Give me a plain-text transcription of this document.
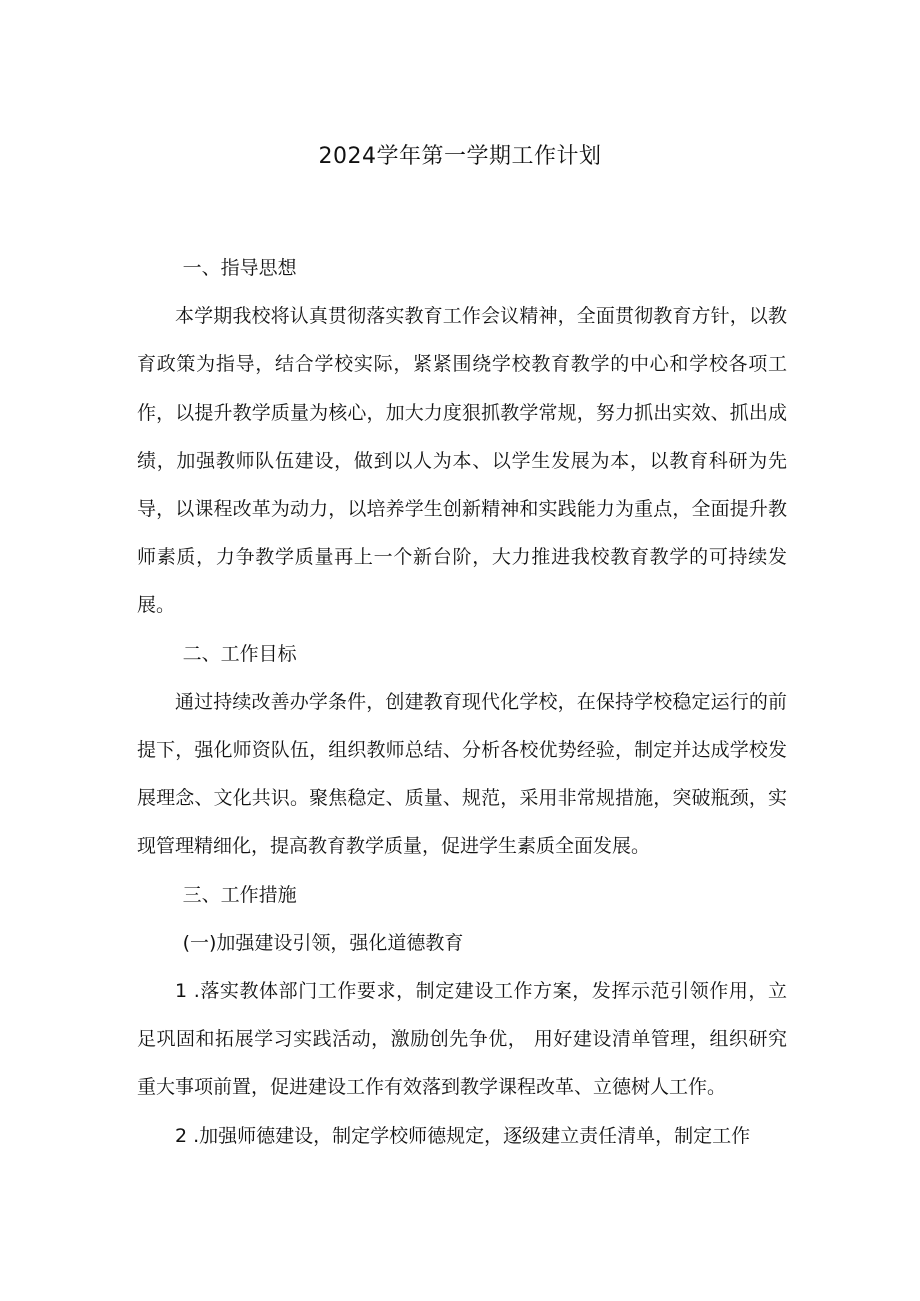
2024学年第一学期工作计划

一、指导思想

本学期我校将认真贯彻落实教育工作会议精神，全面贯彻教育方针，以教育政策为指导，结合学校实际，紧紧围绕学校教育教学的中心和学校各项工作，以提升教学质量为核心，加大力度狠抓教学常规，努力抓出实效、抓出成绩，加强教师队伍建设，做到以人为本、以学生发展为本，以教育科研为先导，以课程改革为动力，以培养学生创新精神和实践能力为重点，全面提升教师素质，力争教学质量再上一个新台阶，大力推进我校教育教学的可持续发展。

二、工作目标

通过持续改善办学条件，创建教育现代化学校，在保持学校稳定运行的前提下，强化师资队伍，组织教师总结、分析各校优势经验，制定并达成学校发展理念、文化共识。聚焦稳定、质量、规范，采用非常规措施，突破瓶颈，实现管理精细化，提高教育教学质量，促进学生素质全面发展。

三、工作措施

(一)加强建设引领，强化道德教育

1 .落实教体部门工作要求，制定建设工作方案，发挥示范引领作用，立足巩固和拓展学习实践活动，激励创先争优， 用好建设清单管理，组织研究重大事项前置，促进建设工作有效落到教学课程改革、立德树人工作。

2 .加强师德建设，制定学校师德规定，逐级建立责任清单，制定工作
